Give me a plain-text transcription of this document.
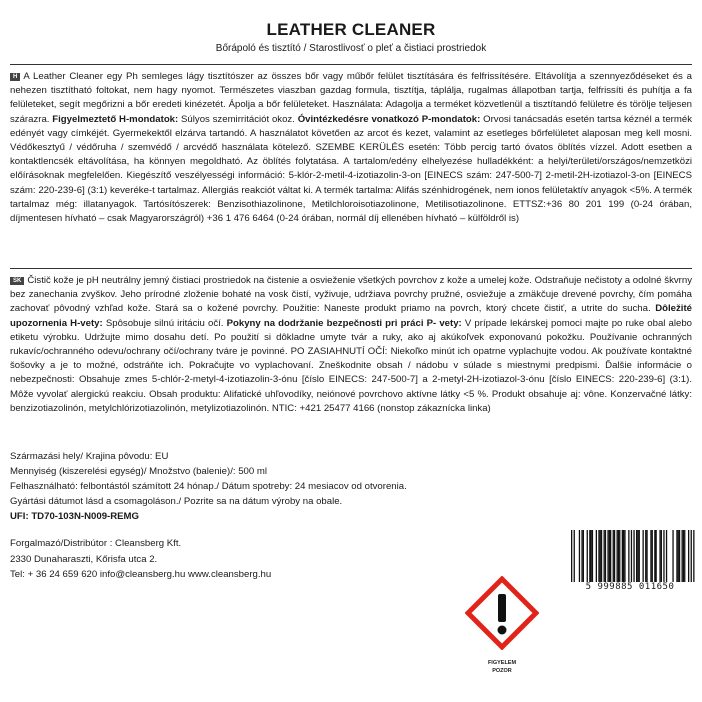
LEATHER CLEANER
Bőrápoló és tisztító / Starostlivosť o pleť a čistiaci prostriedok
H A Leather Cleaner egy Ph semleges lágy tisztítószer az összes bőr vagy műbőr felület tisztítására és felfrissítésére. Eltávolítja a szennyeződéseket és a nehezen tisztítható foltokat, nem hagy nyomot. Természetes viaszban gazdag formula, tisztítja, táplálja, rugalmas állapotban tartja, felfrissíti és puhítja a fa felületeket, segít megőrizni a bőr eredeti kinézetét. Ápolja a bőr felületeket. Használata: Adagolja a terméket közvetlenül a tisztítandó felületre és törölje teljesen szárazra. Figyelmeztető H-mondatok: Súlyos szemirritációt okoz. Óvintézkedésre vonatkozó P-mondatok: Orvosi tanácsadás esetén tartsa kéznél a termék edényét vagy címkéjét. Gyermekektől elzárva tartandó. A használatot követően az arcot és kezet, valamint az esetleges bőrfelületet alaposan meg kell mosni. Védőkesztyű / védőruha / szemvédő / arcvédő használata kötelező. SZEMBE KERÜLÉS esetén: Több percig tartó óvatos öblítés vízzel. Adott esetben a kontaktlencsék eltávolítása, ha könnyen megoldható. Az öblítés folytatása. A tartalom/edény elhelyezése hulladékként: a helyi/területi/országos/nemzetközi előírásoknak megfelelően. Kiegészítő veszélyességi információ: 5-klór-2-metil-4-izotiazolin-3-on [EINECS szám: 247-500-7] 2-metil-2H-izotiazol-3-on [EINECS szám: 220-239-6] (3:1) keveréke-t tartalmaz. Allergiás reakciót váltat ki. A termék tartalma: Alifás szénhidrogének, nem ionos felületaktív anyagok <5%. A termék tartalmaz még: illatanyagok. Tartósítószerek: Benzisothiazolinone, Metilchloroisotiazolinone, Metilisotiazolinone. ETTSZ:+36 80 201 199 (0-24 órában, díjmentesen hívható – csak Magyarországról) +36 1 476 6464 (0-24 órában, normál díj ellenében hívható – külföldről is)
SK Čistič kože je pH neutrálny jemný čistiaci prostriedok na čistenie a osvieženie všetkých povrchov z kože a umelej kože. Odstraňuje nečistoty a odolné škvrny bez zanechania zvyškov. Jeho prírodné zloženie bohaté na vosk čistí, vyživuje, udržiava povrchy pružné, osviežuje a zmäkčuje drevené povrchy, čím pomáha zachovať pôvodný vzhľad kože. Stará sa o kožené povrchy. Použitie: Naneste produkt priamo na povrch, ktorý chcete čistiť, a utrite do sucha. Dôležité upozornenia H-vety: Spôsobuje silnú iritáciu očí. Pokyny na dodržanie bezpečnosti pri práci P- vety: V prípade lekárskej pomoci majte po ruke obal alebo etiketu výrobku. Udržujte mimo dosahu detí. Po použití si dôkladne umyte tvár a ruky, ako aj akúkoľvek exponovanú pokožku. Používanie ochranných rukavíc/ochranného odevu/ochrany očí/ochrany tváre je povinné. PO ZASIAHNUTÍ OČÍ: Niekoľko minút ich opatrne vyplachujte vodou. Ak používate kontaktné šošovky a je to možné, odstráňte ich. Pokračujte vo vyplachovaní. Zneškodnite obsah / nádobu v súlade s miestnymi predpismi. Ďalšie informácie o nebezpečnosti: Obsahuje zmes 5-chlór-2-metyl-4-izotiazolin-3-ónu [číslo EINECS: 247-500-7] a 2-metyl-2H-izotiazol-3-ónu [číslo EINECS: 220-239-6] (3:1). Môže vyvolať alergickú reakciu. Obsah produktu: Alifatické uhľovodíky, neiónové povrchovo aktívne látky <5 %. Produkt obsahuje aj: vône. Konzervačné látky: benzizotiazolinón, metylchlórizotiazolinón, metylizotiazolinón. NTIC: +421 25477 4166 (nonstop zákaznícka linka)
Származási hely/ Krajina pôvodu: EU
Mennyiség (kiszerelési egység)/ Množstvo (balenie)/: 500 ml
Felhasználható: felbontástól számított 24 hónap./ Dátum spotreby: 24 mesiacov od otvorenia.
Gyártási dátumot lásd a csomagoláson./ Pozrite sa na dátum výroby na obale.
UFI: TD70-103N-N009-REMG
Forgalmazó/Distribútor : Cleansberg Kft.
2330 Dunaharaszti, Kőrisfa utca 2.
Tel: + 36 24 659 620 info@cleansberg.hu www.cleansberg.hu
5 999885 011650
FIGYELEM
POZOR
